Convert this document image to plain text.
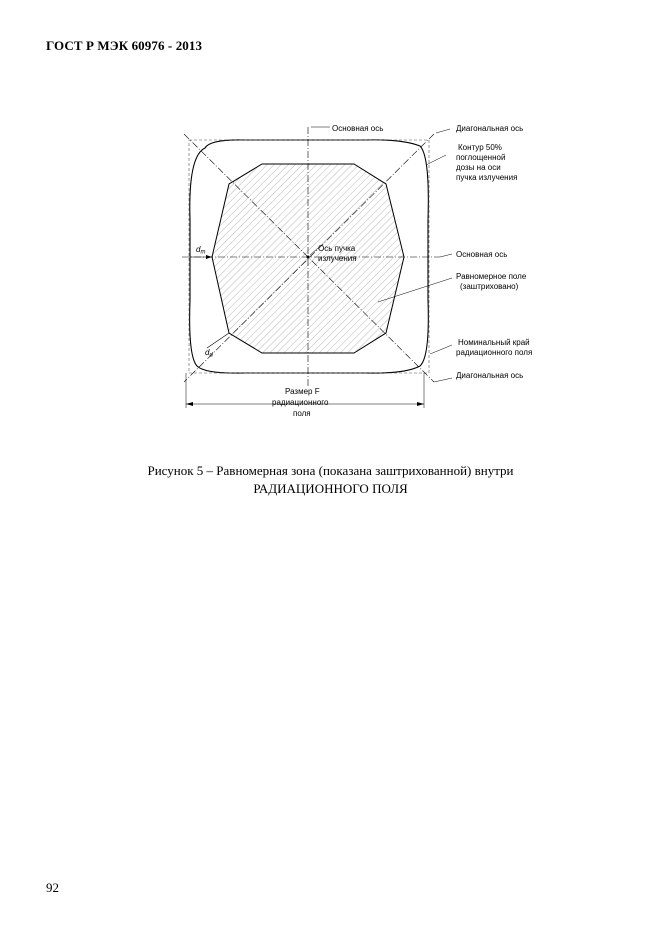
ГОСТ Р МЭК 60976 - 2013
Основная ось	Диагональная ось
Контур 50%
поглощенной
дозы на оси
пучка излучения
Ось пучка
излучения	Основная ось
Равномерное поле
(заштриховано)
Номинальный край
радиационного поля
Диагональная ось
Размер F
радиационного
поля
dm
dd
Рисунок 5 – Равномерная зона (показана заштрихованной) внутри
РАДИАЦИОННОГО ПОЛЯ
92
